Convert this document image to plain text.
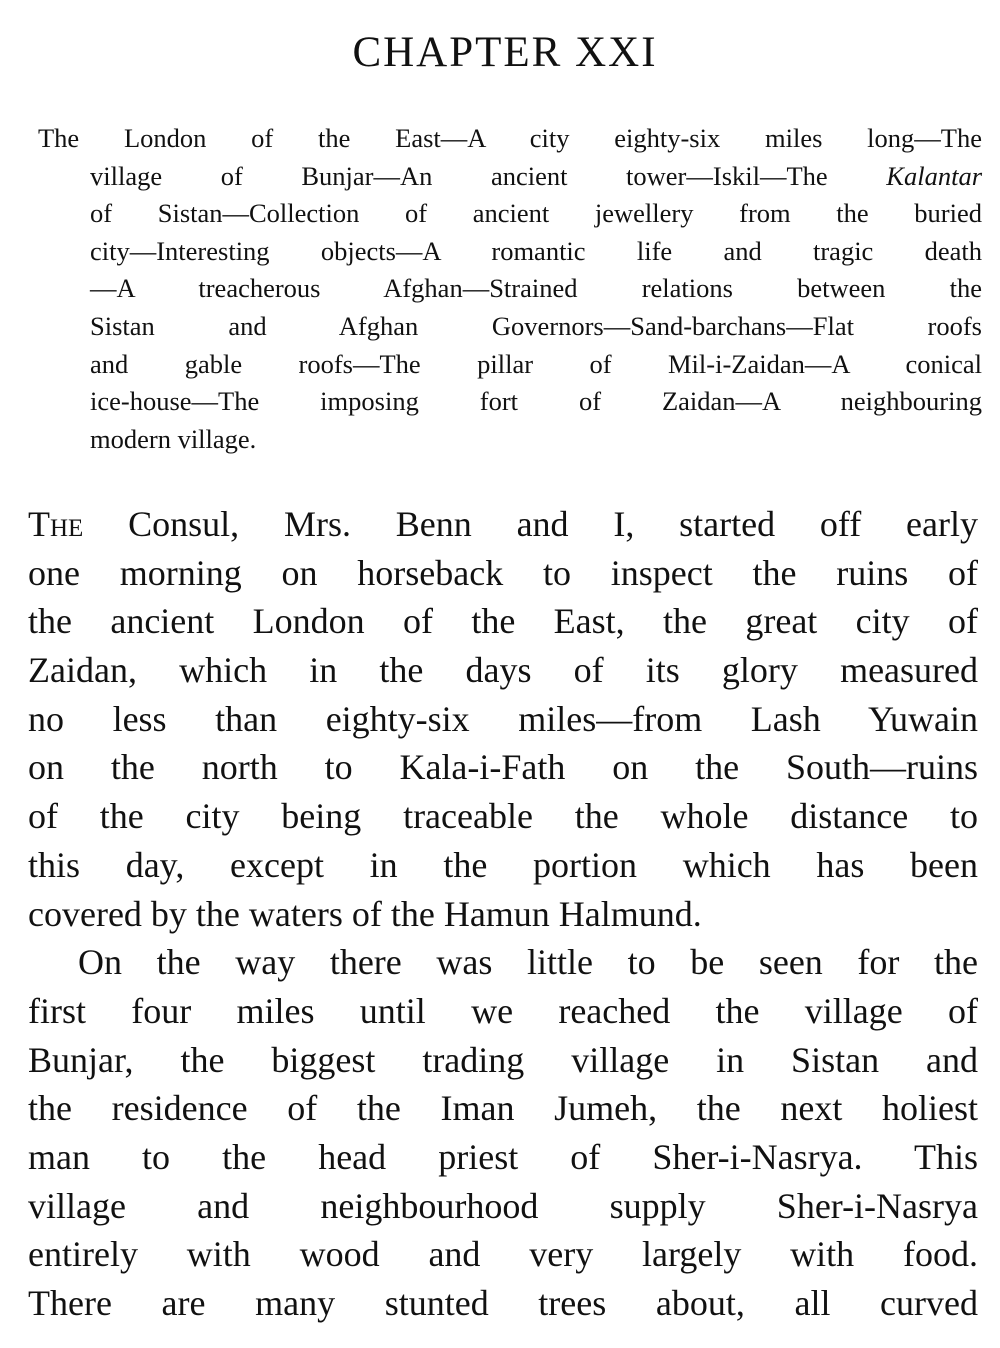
CHAPTER XXI
The London of the East—A city eighty-six miles long—The
village of Bunjar—An ancient tower—Iskil—The Kalantar
of Sistan—Collection of ancient jewellery from the buried
city—Interesting objects—A romantic life and tragic death
—A treacherous Afghan—Strained relations between the
Sistan and Afghan Governors—Sand-barchans—Flat roofs
and gable roofs—The pillar of Mil-i-Zaidan—A conical
ice-house—The imposing fort of Zaidan—A neighbouring
modern village.
The Consul, Mrs. Benn and I, started off early
one morning on horseback to inspect the ruins of
the ancient London of the East, the great city of
Zaidan, which in the days of its glory measured
no less than eighty-six miles—from Lash Yuwain
on the north to Kala-i-Fath on the South—ruins
of the city being traceable the whole distance to
this day, except in the portion which has been
covered by the waters of the Hamun Halmund.
On the way there was little to be seen for the
first four miles until we reached the village of
Bunjar, the biggest trading village in Sistan and
the residence of the Iman Jumeh, the next holiest
man to the head priest of Sher-i-Nasrya. This
village and neighbourhood supply Sher-i-Nasrya
entirely with wood and very largely with food.
There are many stunted trees about, all curved
